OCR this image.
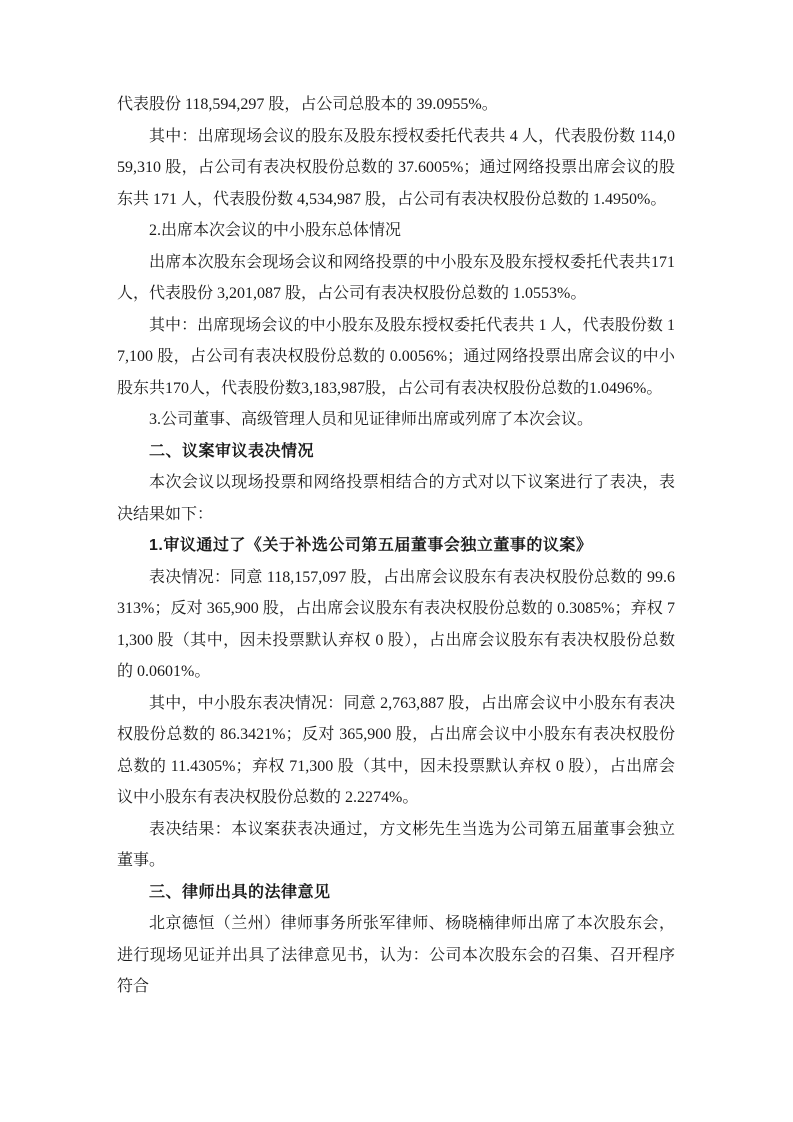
代表股份 118,594,297 股，占公司总股本的 39.0955%。

其中：出席现场会议的股东及股东授权委托代表共 4 人，代表股份数 114,059,310 股，占公司有表决权股份总数的 37.6005%；通过网络投票出席会议的股东共 171 人，代表股份数 4,534,987 股，占公司有表决权股份总数的 1.4950%。

2.出席本次会议的中小股东总体情况

出席本次股东会现场会议和网络投票的中小股东及股东授权委托代表共171人，代表股份 3,201,087 股，占公司有表决权股份总数的 1.0553%。

其中：出席现场会议的中小股东及股东授权委托代表共 1 人，代表股份数 17,100 股，占公司有表决权股份总数的 0.0056%；通过网络投票出席会议的中小股东共170人，代表股份数3,183,987股，占公司有表决权股份总数的1.0496%。

3.公司董事、高级管理人员和见证律师出席或列席了本次会议。

二、议案审议表决情况

本次会议以现场投票和网络投票相结合的方式对以下议案进行了表决，表决结果如下：

1.审议通过了《关于补选公司第五届董事会独立董事的议案》

表决情况：同意 118,157,097 股，占出席会议股东有表决权股份总数的 99.6313%；反对 365,900 股，占出席会议股东有表决权股份总数的 0.3085%；弃权 71,300 股（其中，因未投票默认弃权 0 股），占出席会议股东有表决权股份总数的 0.0601%。

其中，中小股东表决情况：同意 2,763,887 股，占出席会议中小股东有表决权股份总数的 86.3421%；反对 365,900 股，占出席会议中小股东有表决权股份总数的 11.4305%；弃权 71,300 股（其中，因未投票默认弃权 0 股），占出席会议中小股东有表决权股份总数的 2.2274%。

表决结果：本议案获表决通过，方文彬先生当选为公司第五届董事会独立董事。

三、律师出具的法律意见

北京德恒（兰州）律师事务所张军律师、杨晓楠律师出席了本次股东会，进行现场见证并出具了法律意见书，认为：公司本次股东会的召集、召开程序符合
